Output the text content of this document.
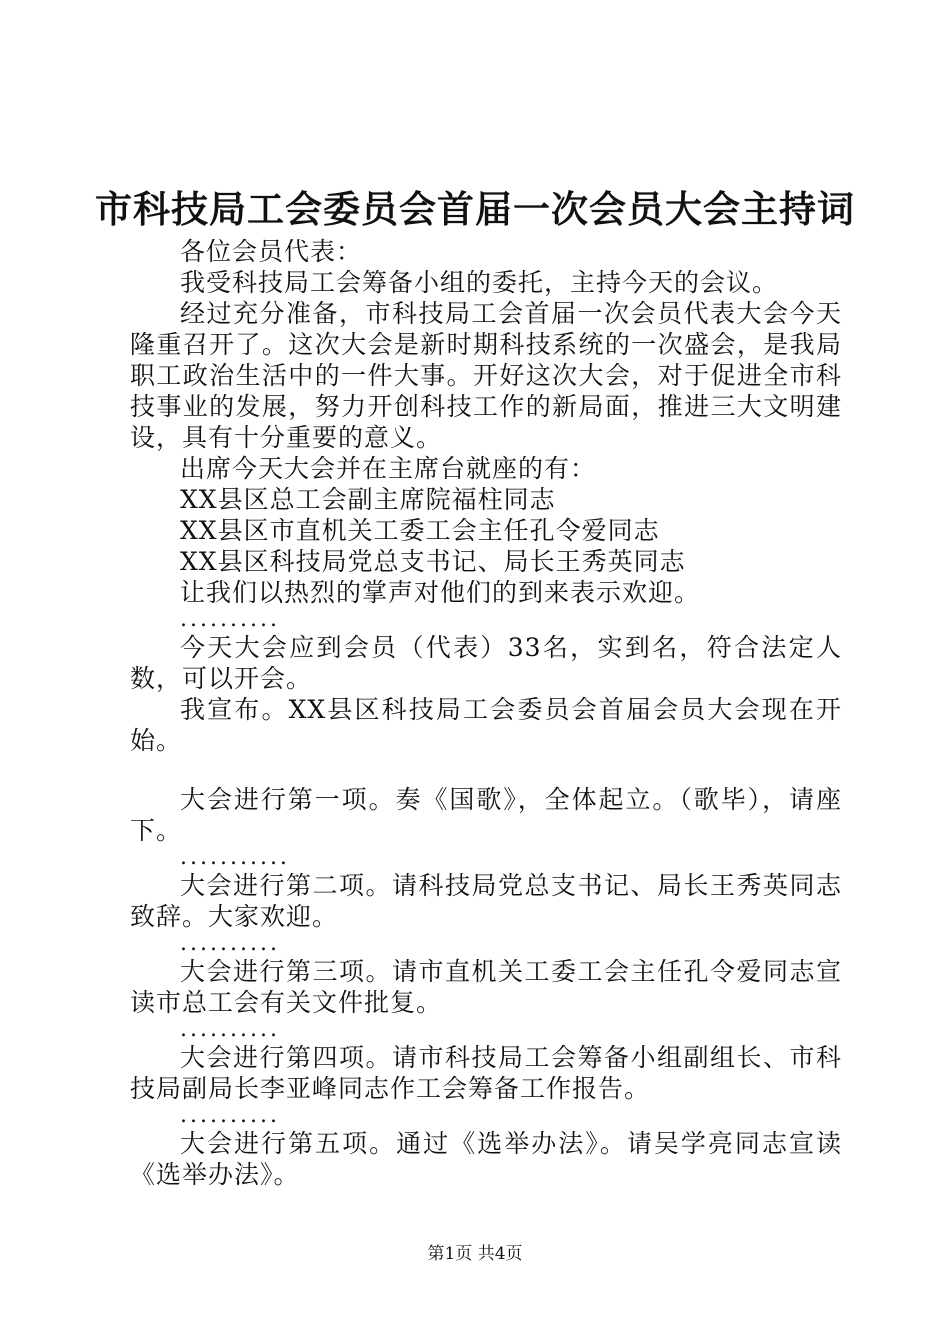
市科技局工会委员会首届一次会员大会主持词

各位会员代表：

我受科技局工会筹备小组的委托，主持今天的会议。

经过充分准备，市科技局工会首届一次会员代表大会今天隆重召开了。这次大会是新时期科技系统的一次盛会，是我局职工政治生活中的一件大事。开好这次大会，对于促进全市科技事业的发展，努力开创科技工作的新局面，推进三大文明建设，具有十分重要的意义。

出席今天大会并在主席台就座的有：

XX县区总工会副主席院福柱同志

XX县区市直机关工委工会主任孔令爱同志

XX县区科技局党总支书记、局长王秀英同志

让我们以热烈的掌声对他们的到来表示欢迎。

..........

今天大会应到会员（代表）33名，实到名，符合法定人数，可以开会。

我宣布。XX县区科技局工会委员会首届会员大会现在开始。

大会进行第一项。奏《国歌》，全体起立。（歌毕），请座下。

...........

大会进行第二项。请科技局党总支书记、局长王秀英同志致辞。大家欢迎。

..........

大会进行第三项。请市直机关工委工会主任孔令爱同志宣读市总工会有关文件批复。

..........

大会进行第四项。请市科技局工会筹备小组副组长、市科技局副局长李亚峰同志作工会筹备工作报告。

..........

大会进行第五项。通过《选举办法》。请吴学亮同志宣读《选举办法》。

第1页 共4页
